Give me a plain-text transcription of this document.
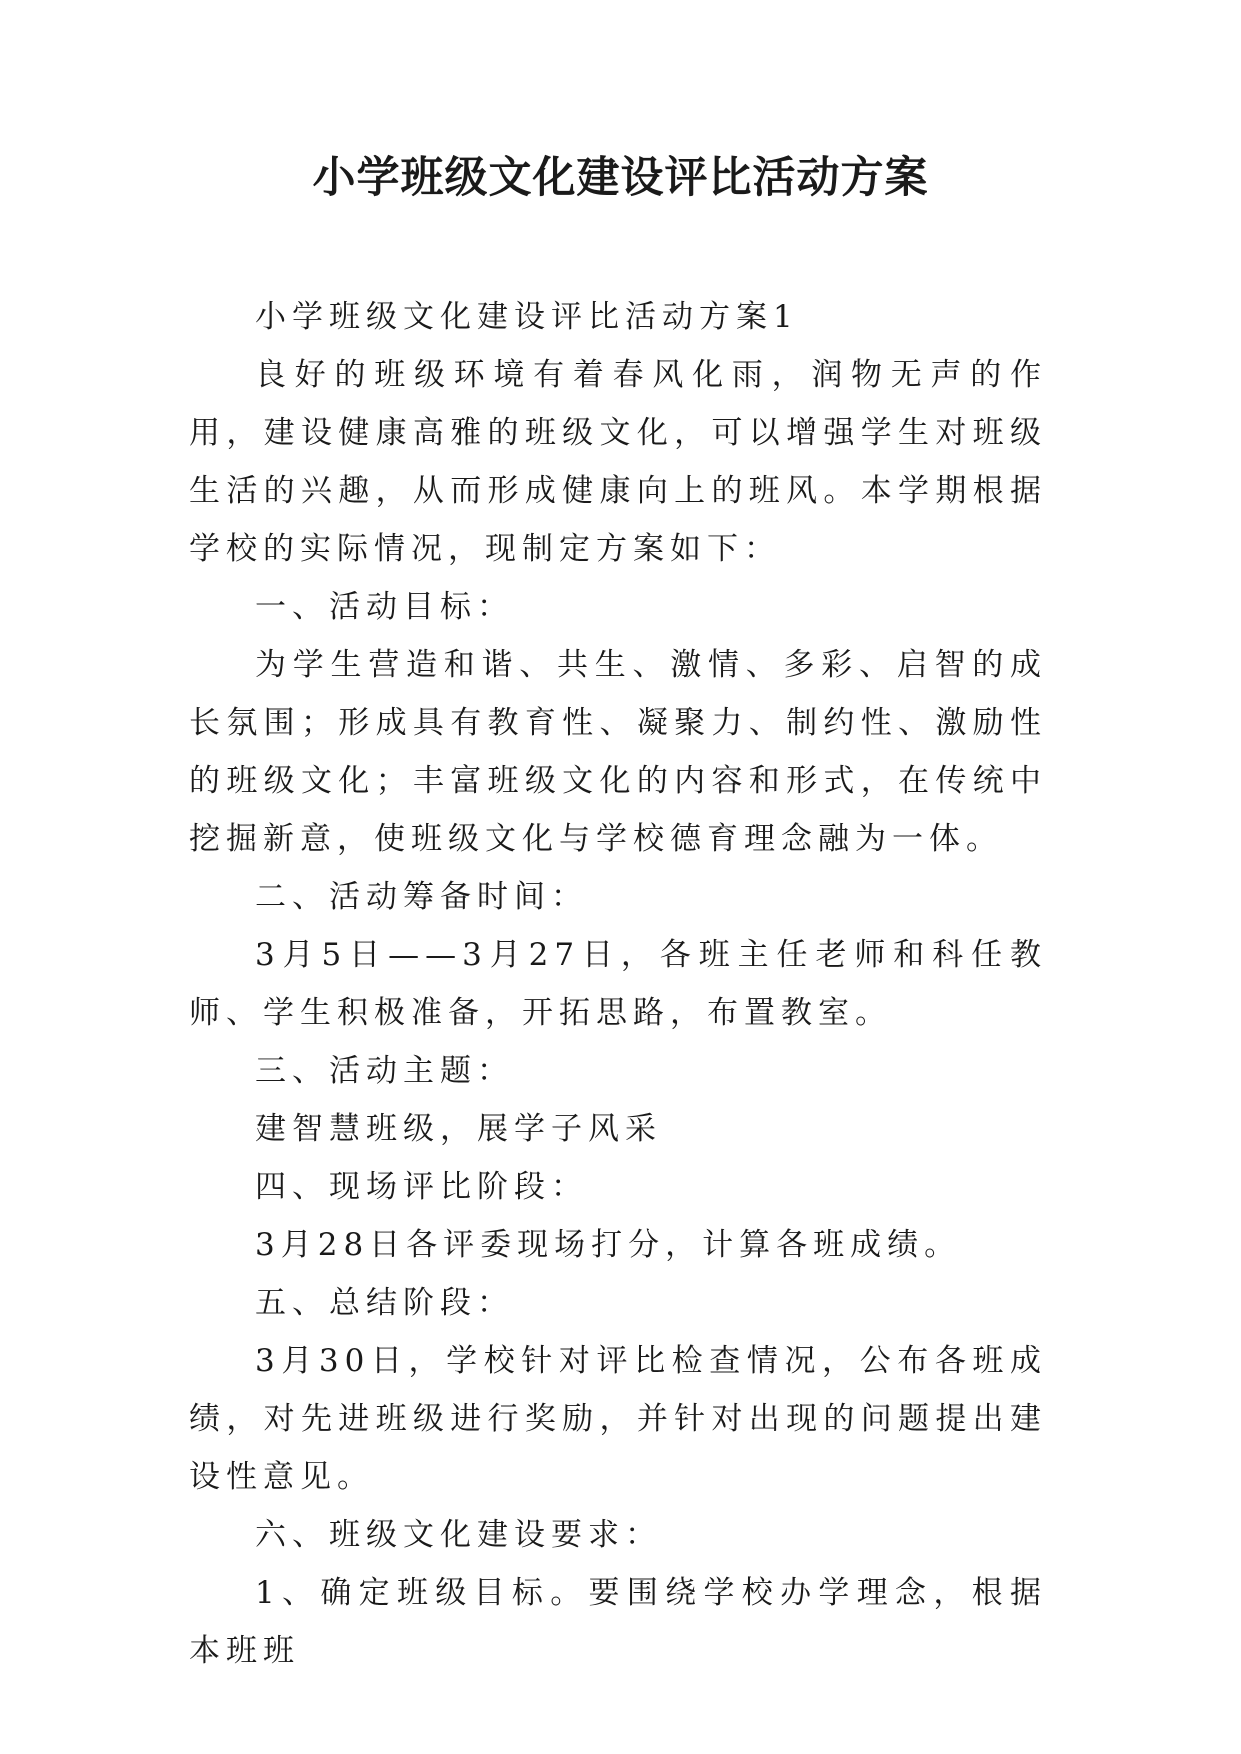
小学班级文化建设评比活动方案

小学班级文化建设评比活动方案1

良好的班级环境有着春风化雨，润物无声的作用，建设健康高雅的班级文化，可以增强学生对班级生活的兴趣，从而形成健康向上的班风。本学期根据学校的实际情况，现制定方案如下：

一、活动目标：

为学生营造和谐、共生、激情、多彩、启智的成长氛围；形成具有教育性、凝聚力、制约性、激励性的班级文化；丰富班级文化的内容和形式，在传统中挖掘新意，使班级文化与学校德育理念融为一体。

二、活动筹备时间：

3月5日——3月27日，各班主任老师和科任教师、学生积极准备，开拓思路，布置教室。

三、活动主题：

建智慧班级，展学子风采

四、现场评比阶段：

3月28日各评委现场打分，计算各班成绩。

五、总结阶段：

3月30日，学校针对评比检查情况，公布各班成绩，对先进班级进行奖励，并针对出现的问题提出建设性意见。

六、班级文化建设要求：

1、确定班级目标。要围绕学校办学理念，根据本班班
